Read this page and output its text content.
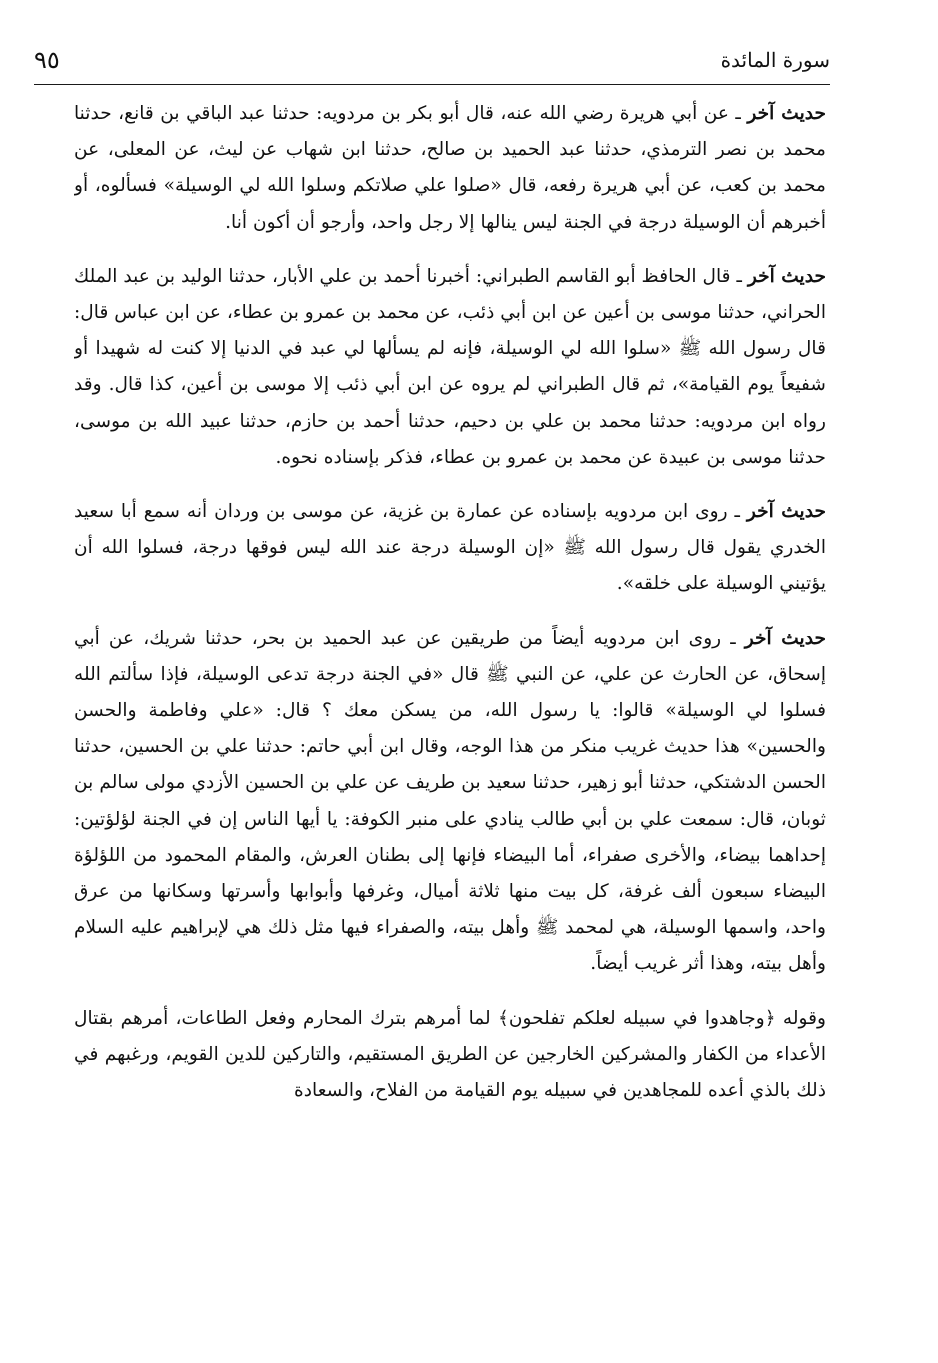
سورة المائدة
٩٥

حديث آخر ـ عن أبي هريرة رضي الله عنه، قال أبو بكر بن مردويه: حدثنا عبد الباقي بن قانع، حدثنا محمد بن نصر الترمذي، حدثنا عبد الحميد بن صالح، حدثنا ابن شهاب عن ليث، عن المعلى، عن محمد بن كعب، عن أبي هريرة رفعه، قال «صلوا علي صلاتكم وسلوا الله لي الوسيلة» فسألوه، أو أخبرهم أن الوسيلة درجة في الجنة ليس ينالها إلا رجل واحد، وأرجو أن أكون أنا.

حديث آخر ـ قال الحافظ أبو القاسم الطبراني: أخبرنا أحمد بن علي الأبار، حدثنا الوليد بن عبد الملك الحراني، حدثنا موسى بن أعين عن ابن أبي ذئب، عن محمد بن عمرو بن عطاء، عن ابن عباس قال: قال رسول الله ﷺ «سلوا الله لي الوسيلة، فإنه لم يسألها لي عبد في الدنيا إلا كنت له شهيدا أو شفيعاً يوم القيامة»، ثم قال الطبراني لم يروه عن ابن أبي ذئب إلا موسى بن أعين، كذا قال. وقد رواه ابن مردويه: حدثنا محمد بن علي بن دحيم، حدثنا أحمد بن حازم، حدثنا عبيد الله بن موسى، حدثنا موسى بن عبيدة عن محمد بن عمرو بن عطاء، فذكر بإسناده نحوه.

حديث آخر ـ روى ابن مردويه بإسناده عن عمارة بن غزية، عن موسى بن وردان أنه سمع أبا سعيد الخدري يقول قال رسول الله ﷺ «إن الوسيلة درجة عند الله ليس فوقها درجة، فسلوا الله أن يؤتيني الوسيلة على خلقه».

حديث آخر ـ روى ابن مردويه أيضاً من طريقين عن عبد الحميد بن بحر، حدثنا شريك، عن أبي إسحاق، عن الحارث عن علي، عن النبي ﷺ قال «في الجنة درجة تدعى الوسيلة، فإذا سألتم الله فسلوا لي الوسيلة» قالوا: يا رسول الله، من يسكن معك ؟ قال: «علي وفاطمة والحسن والحسين» هذا حديث غريب منكر من هذا الوجه، وقال ابن أبي حاتم: حدثنا علي بن الحسين، حدثنا الحسن الدشتكي، حدثنا أبو زهير، حدثنا سعيد بن طريف عن علي بن الحسين الأزدي مولى سالم بن ثوبان، قال: سمعت علي بن أبي طالب ينادي على منبر الكوفة: يا أيها الناس إن في الجنة لؤلؤتين: إحداهما بيضاء، والأخرى صفراء، أما البيضاء فإنها إلى بطنان العرش، والمقام المحمود من اللؤلؤة البيضاء سبعون ألف غرفة، كل بيت منها ثلاثة أميال، وغرفها وأبوابها وأسرتها وسكانها من عرق واحد، واسمها الوسيلة، هي لمحمد ﷺ وأهل بيته، والصفراء فيها مثل ذلك هي لإبراهيم عليه السلام وأهل بيته، وهذا أثر غريب أيضاً.

وقوله ﴿وجاهدوا في سبيله لعلكم تفلحون﴾ لما أمرهم بترك المحارم وفعل الطاعات، أمرهم بقتال الأعداء من الكفار والمشركين الخارجين عن الطريق المستقيم، والتاركين للدين القويم، ورغبهم في ذلك بالذي أعده للمجاهدين في سبيله يوم القيامة من الفلاح، والسعادة
